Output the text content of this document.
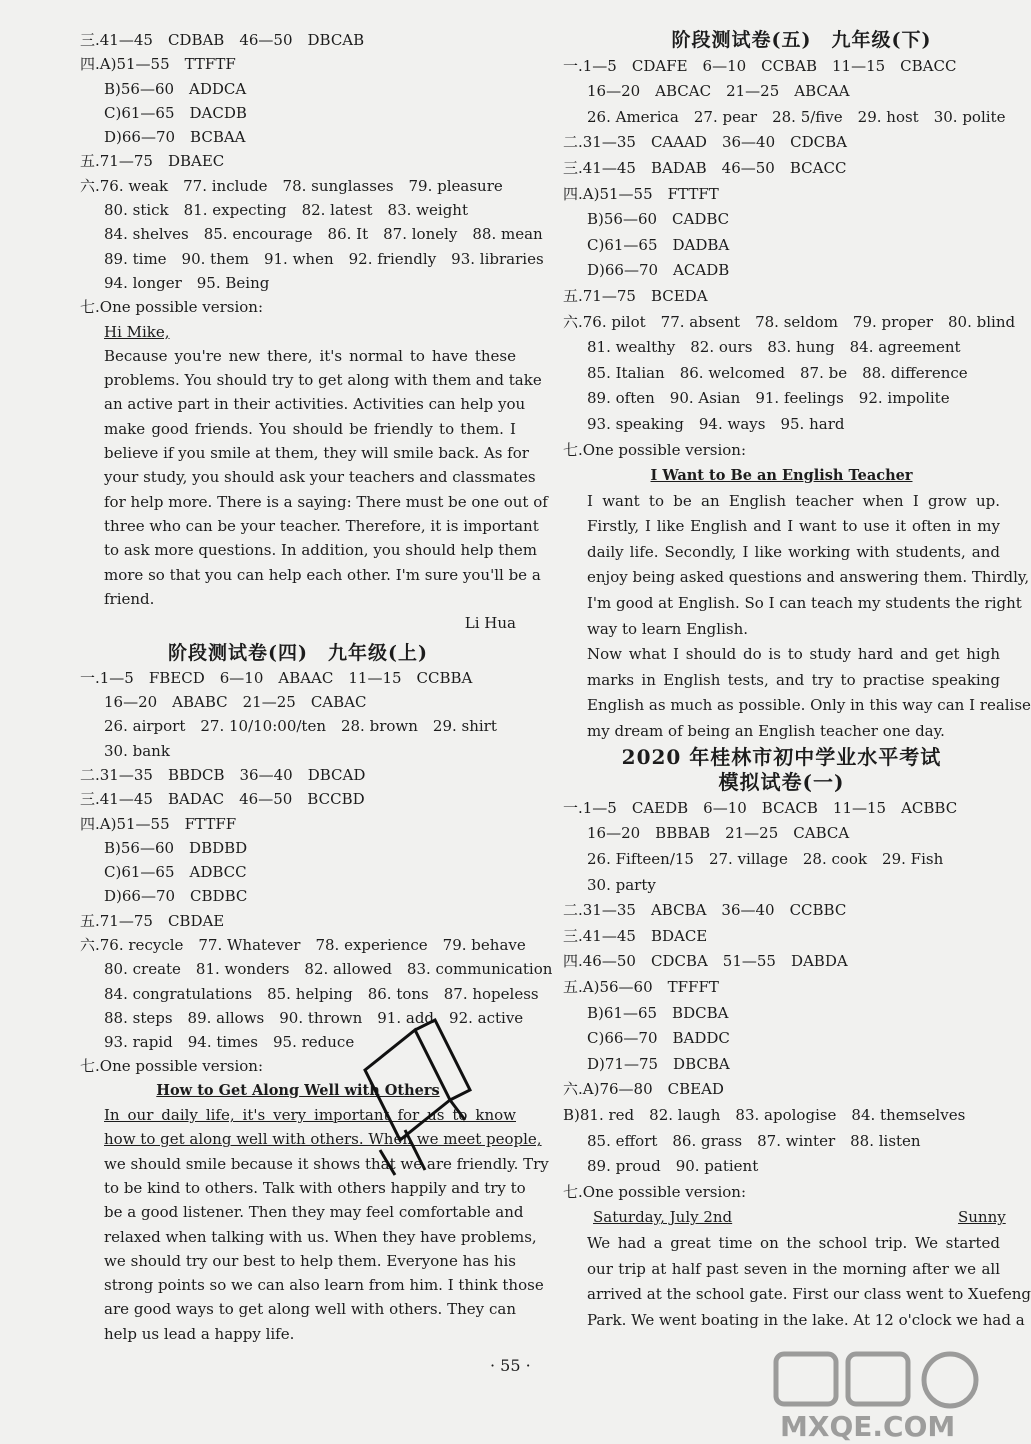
三.41—45　CDBAB　46—50　DBCAB
四.A)51—55　TTFTF
B)56—60　ADDCA
C)61—65　DACDB
D)66—70　BCBAA
五.71—75　DBAEC
六.76. weak　77. include　78. sunglasses　79. pleasure
80. stick　81. expecting　82. latest　83. weight
84. shelves　85. encourage　86. It　87. lonely　88. mean
89. time　90. them　91. when　92. friendly　93. libraries
94. longer　95. Being
七.One possible version:
Hi Mike,
Because you're new there, it's normal to have these
problems. You should try to get along with them and take
an active part in their activities. Activities can help you
make good friends. You should be friendly to them. I
believe if you smile at them, they will smile back. As for
your study, you should ask your teachers and classmates
for help more. There is a saying: There must be one out of
three who can be your teacher. Therefore, it is important
to ask more questions. In addition, you should help them
more so that you can help each other. I'm sure you'll be a
friend.
Li Hua
阶段测试卷(四)　九年级(上)
一.1—5　FBECD　6—10　ABAAC　11—15　CCBBA
16—20　ABABC　21—25　CABAC
26. airport　27. 10/10:00/ten　28. brown　29. shirt
30. bank
二.31—35　BBDCB　36—40　DBCAD
三.41—45　BADAC　46—50　BCCBD
四.A)51—55　FTTFF
B)56—60　DBDBD
C)61—65　ADBCC
D)66—70　CBDBC
五.71—75　CBDAE
六.76. recycle　77. Whatever　78. experience　79. behave
80. create　81. wonders　82. allowed　83. communication
84. congratulations　85. helping　86. tons　87. hopeless
88. steps　89. allows　90. thrown　91. add　92. active
93. rapid　94. times　95. reduce
七.One possible version:
How to Get Along Well with Others
In our daily life, it's very important for us to know
how to get along well with others. When we meet people,
we should smile because it shows that we are friendly. Try
to be kind to others. Talk with others happily and try to
be a good listener. Then they may feel comfortable and
relaxed when talking with us. When they have problems,
we should try our best to help them. Everyone has his
strong points so we can also learn from him. I think those
are good ways to get along well with others. They can
help us lead a happy life.
阶段测试卷(五)　九年级(下)
一.1—5　CDAFE　6—10　CCBAB　11—15　CBACC
16—20　ABCAC　21—25　ABCAA
26. America　27. pear　28. 5/five　29. host　30. polite
二.31—35　CAAAD　36—40　CDCBA
三.41—45　BADAB　46—50　BCACC
四.A)51—55　FTTFT
B)56—60　CADBC
C)61—65　DADBA
D)66—70　ACADB
五.71—75　BCEDA
六.76. pilot　77. absent　78. seldom　79. proper　80. blind
81. wealthy　82. ours　83. hung　84. agreement
85. Italian　86. welcomed　87. be　88. difference
89. often　90. Asian　91. feelings　92. impolite
93. speaking　94. ways　95. hard
七.One possible version:
I Want to Be an English Teacher
I want to be an English teacher when I grow up.
Firstly, I like English and I want to use it often in my
daily life. Secondly, I like working with students, and
enjoy being asked questions and answering them. Thirdly,
I'm good at English. So I can teach my students the right
way to learn English.
Now what I should do is to study hard and get high
marks in English tests, and try to practise speaking
English as much as possible. Only in this way can I realise
my dream of being an English teacher one day.
2020 年桂林市初中学业水平考试
模拟试卷(一)
一.1—5　CAEDB　6—10　BCACB　11—15　ACBBC
16—20　BBBAB　21—25　CABCA
26. Fifteen/15　27. village　28. cook　29. Fish
30. party
二.31—35　ABCBA　36—40　CCBBC
三.41—45　BDACE
四.46—50　CDCBA　51—55　DABDA
五.A)56—60　TFFFT
B)61—65　BDCBA
C)66—70　BADDC
D)71—75　DBCBA
六.A)76—80　CBEAD
B)81. red　82. laugh　83. apologise　84. themselves
85. effort　86. grass　87. winter　88. listen
89. proud　90. patient
七.One possible version:
Saturday, July 2nd	Sunny
We had a great time on the school trip. We started
our trip at half past seven in the morning after we all
arrived at the school gate. First our class went to Xuefeng
Park. We went boating in the lake. At 12 o'clock we had a
· 55 ·
MXQE.COM
